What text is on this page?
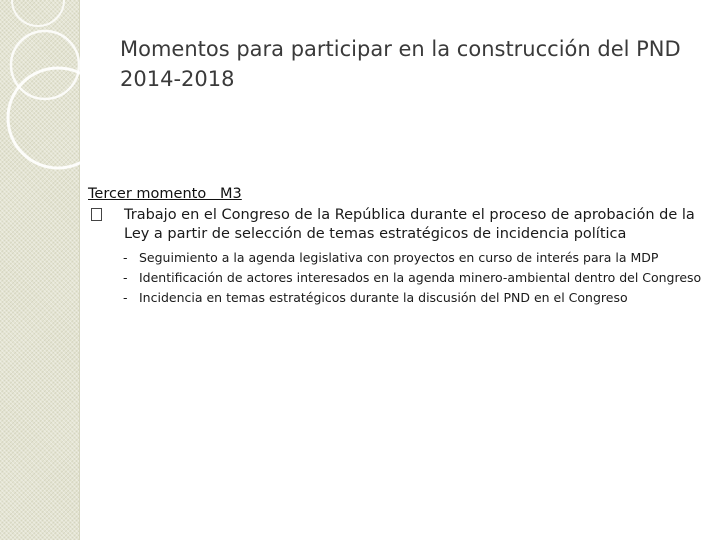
Momentos para participar en la construcción del PND 2014-2018
Tercer momento   M3
Trabajo en el Congreso de la República durante el proceso de aprobación de la Ley a partir de selección de temas estratégicos de incidencia política
- Seguimiento a la agenda legislativa con proyectos en curso de interés para la MDP
- Identificación de actores interesados en la agenda minero-ambiental dentro del Congreso
- Incidencia en temas estratégicos durante la discusión del PND en el Congreso
